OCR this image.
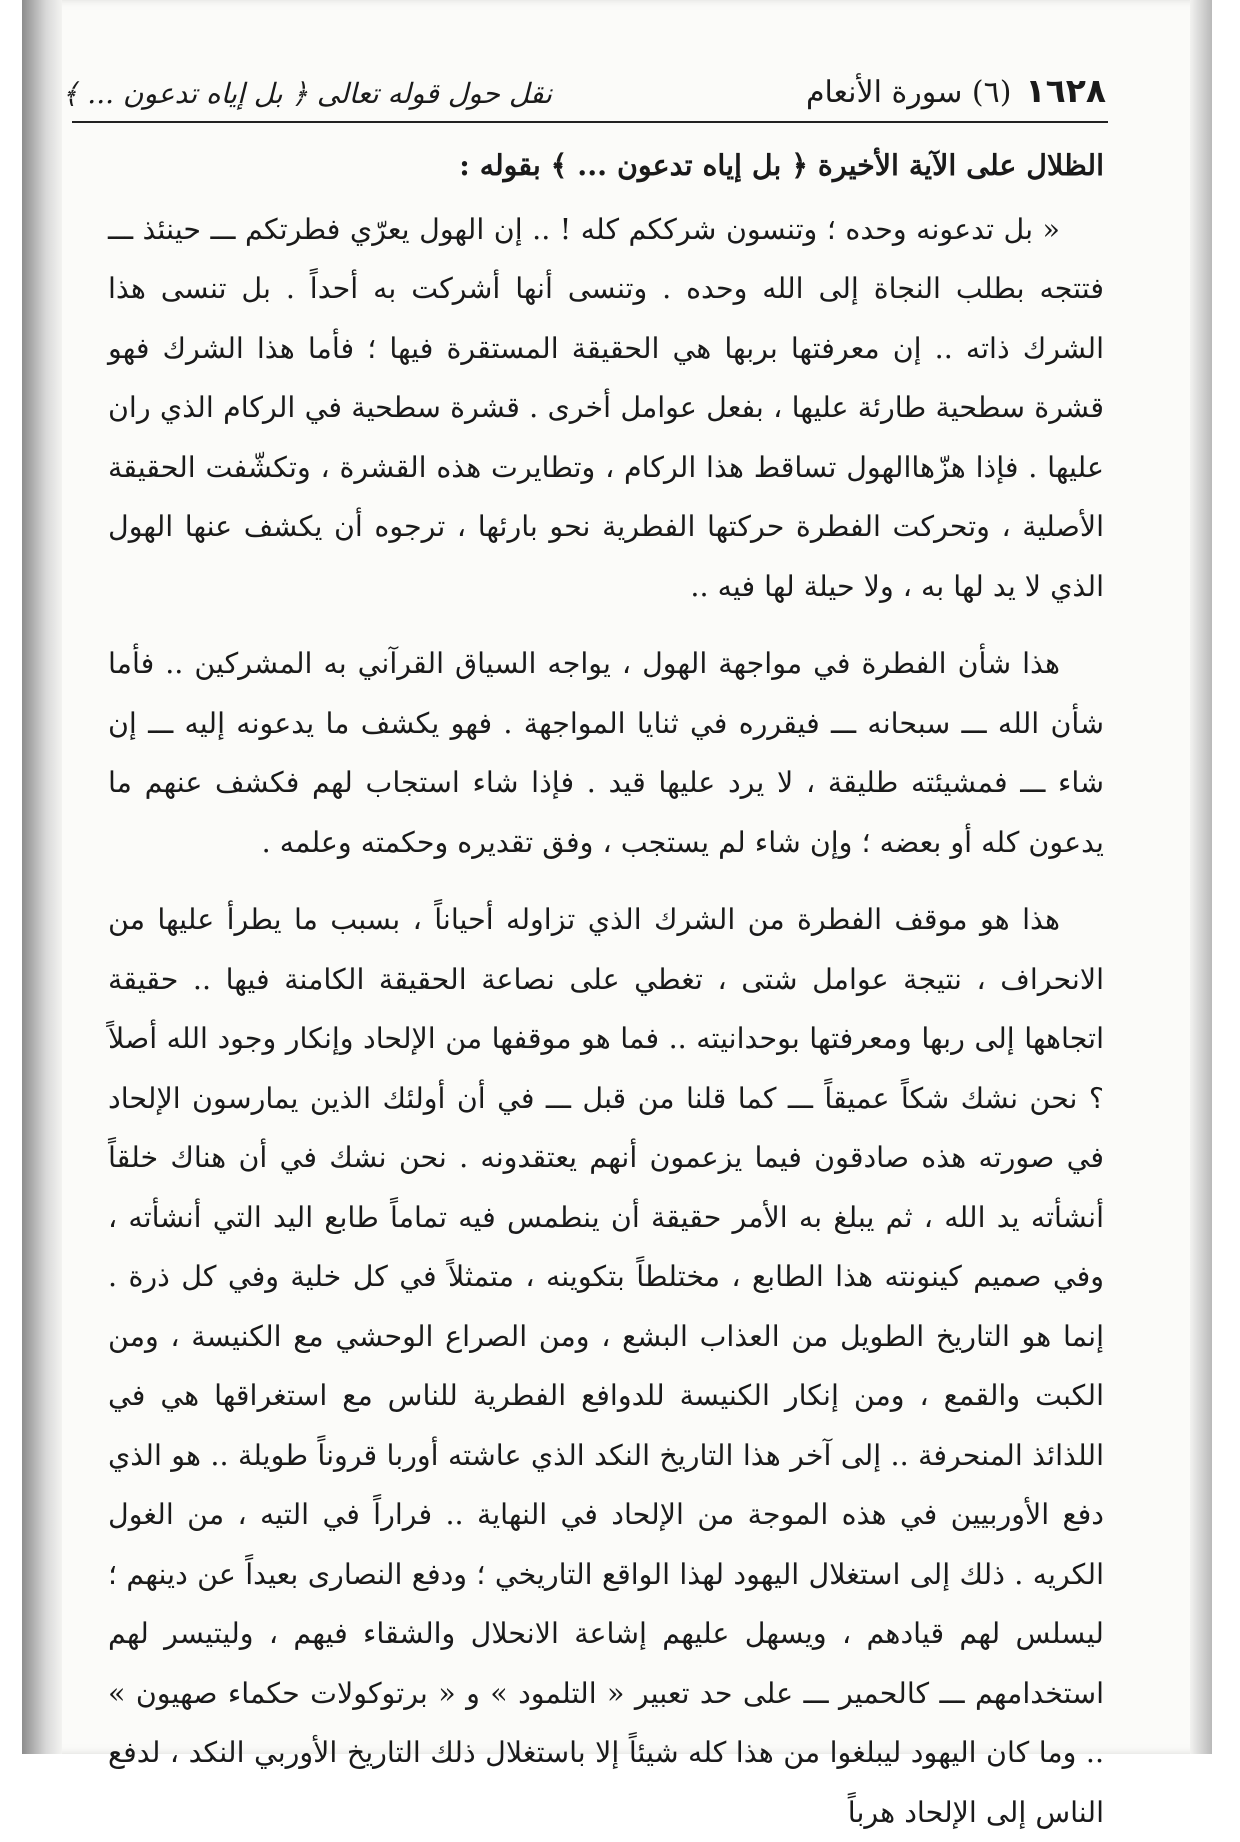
١٦٢٨
(٦) سورة الأنعام
نقل حول قوله تعالى ﴿ بل إياه تدعون ... ﴾

الظلال على الآية الأخيرة ﴿ بل إياه تدعون ... ﴾ بقوله :

« بل تدعونه وحده ؛ وتنسون شرككم كله ! .. إن الهول يعرّي فطرتكم ـــ حينئذ ـــ فتتجه بطلب النجاة إلى الله وحده . وتنسى أنها أشركت به أحداً . بل تنسى هذا الشرك ذاته .. إن معرفتها بربها هي الحقيقة المستقرة فيها ؛ فأما هذا الشرك فهو قشرة سطحية طارئة عليها ، بفعل عوامل أخرى . قشرة سطحية في الركام الذي ران عليها . فإذا هزّهاالهول تساقط هذا الركام ، وتطايرت هذه القشرة ، وتكشّفت الحقيقة الأصلية ، وتحركت الفطرة حركتها الفطرية نحو بارئها ، ترجوه أن يكشف عنها الهول الذي لا يد لها به ، ولا حيلة لها فيه ..

هذا شأن الفطرة في مواجهة الهول ، يواجه السياق القرآني به المشركين .. فأما شأن الله ـــ سبحانه ـــ فيقرره في ثنايا المواجهة . فهو يكشف ما يدعونه إليه ـــ إن شاء ـــ فمشيئته طليقة ، لا يرد عليها قيد . فإذا شاء استجاب لهم فكشف عنهم ما يدعون كله أو بعضه ؛ وإن شاء لم يستجب ، وفق تقديره وحكمته وعلمه .

هذا هو موقف الفطرة من الشرك الذي تزاوله أحياناً ، بسبب ما يطرأ عليها من الانحراف ، نتيجة عوامل شتى ، تغطي على نصاعة الحقيقة الكامنة فيها .. حقيقة اتجاهها إلى ربها ومعرفتها بوحدانيته .. فما هو موقفها من الإلحاد وإنكار وجود الله أصلاً ؟ نحن نشك شكاً عميقاً ـــ كما قلنا من قبل ـــ في أن أولئك الذين يمارسون الإلحاد في صورته هذه صادقون فيما يزعمون أنهم يعتقدونه . نحن نشك في أن هناك خلقاً أنشأته يد الله ، ثم يبلغ به الأمر حقيقة أن ينطمس فيه تماماً طابع اليد التي أنشأته ، وفي صميم كينونته هذا الطابع ، مختلطاً بتكوينه ، متمثلاً في كل خلية وفي كل ذرة . إنما هو التاريخ الطويل من العذاب البشع ، ومن الصراع الوحشي مع الكنيسة ، ومن الكبت والقمع ، ومن إنكار الكنيسة للدوافع الفطرية للناس مع استغراقها هي في اللذائذ المنحرفة .. إلى آخر هذا التاريخ النكد الذي عاشته أوربا قروناً طويلة .. هو الذي دفع الأوربيين في هذه الموجة من الإلحاد في النهاية .. فراراً في التيه ، من الغول الكريه . ذلك إلى استغلال اليهود لهذا الواقع التاريخي ؛ ودفع النصارى بعيداً عن دينهم ؛ ليسلس لهم قيادهم ، ويسهل عليهم إشاعة الانحلال والشقاء فيهم ، وليتيسر لهم استخدامهم ـــ كالحمير ـــ على حد تعبير « التلمود » و « برتوكولات حكماء صهيون » .. وما كان اليهود ليبلغوا من هذا كله شيئاً إلا باستغلال ذلك التاريخ الأوربي النكد ، لدفع الناس إلى الإلحاد هرباً
